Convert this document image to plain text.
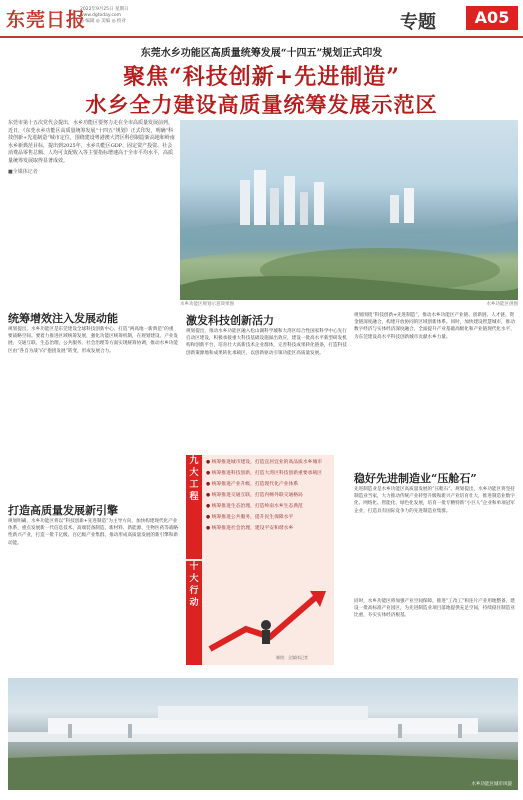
东莞日报
2022年9月25日 星期日
www.dgtoday.com
◎ 编辑 ◎ 美编 ◎ 校对	专题	A05
东莞水乡功能区高质量统筹发展“十四五”规划正式印发
聚焦“科技创新+先进制造”
水乡全力建设高质量统筹发展示范区
东莞市第十五次党代会提出，水乡功能区要努力走在全市高质量发展前列。近日，《东莞水乡功能区高质量统筹发展“十四五”规划》正式印发，明确“科技创新+先进制造”城市定位，围绕建设粤港澳大湾区科创制造新高地和岭南水乡新典范目标，提出到2025年，水乡功能区GDP、固定资产投资、社会消费品零售总额、人均可支配收入等主要指标增速高于全市平均水平，高质量统筹发展取得显著成效。
■全媒体记者
水乡功能区规划示意效果图	水乡功能区供图
统筹增效注入发展动能
规划提出，水乡功能区是东莞建设全球科技创新中心、打造“两高地一新典范”的重要战略空间。要着力推进区域统筹发展，强化功能区统筹机制，在规划建设、产业发展、交通互联、生态治理、公共服务、社会治理等方面实现统筹协调，推动水乡功能区由“各自为战”向“抱团发展”转变，形成发展合力。
打造高质量发展新引擎
规划明确，水乡功能区将以“科技创新+先进制造”为主导方向，加快构建现代化产业体系，重点发展新一代信息技术、高端装备制造、新材料、新能源、生物医药等战略性新兴产业，打造一批千亿级、百亿级产业集群，推动形成高质量发展的新引擎和新动能。
激发科技创新活力
规划提出，推动水乡功能区融入松山湖科学城和大湾区综合性国家科学中心先行启动区建设，积极承接重大科技基础设施溢出效应，建设一批高水平新型研发机构和创新平台，培育壮大高新技术企业群体，完善科技成果转化链条，打造科技创新策源地和成果转化承载区，以创新驱动引领功能区高质量发展。
规划围绕“科技创新+先进制造”，推动水乡功能区产业链、创新链、人才链、资金链深度融合，构建开放协同的区域创新体系。同时，加快建设智慧城市，推动数字经济与实体经济深度融合，全面提升产业基础高级化和产业链现代化水平，为东莞建设高水平科技创新城市贡献水乡力量。
九大工程
十大行动
● 统筹推进城市建设，打造宜居宜业的高品质水乡城市
● 统筹推进科技创新，打造大湾区科技创新重要承载区
● 统筹推进产业升级，打造现代化产业体系
● 统筹推进交通互联，打造内畅外联交通格局
● 统筹推进生态治理，打造岭南水乡生态典范
● 统筹推进公共服务，提升民生保障水平
● 统筹推进社会治理，建设平安和谐水乡
制图：全媒体记者
稳好先进制造业“压舱石”
先进制造业是水乡功能区高质量发展的“压舱石”。规划提出，水乡功能区将坚持制造业当家，大力推动传统产业转型升级和新兴产业培育壮大，推进制造业数字化、网络化、智能化、绿色化发展，培育一批专精特新“小巨人”企业和单项冠军企业，打造具有国际竞争力的先进制造业集群。
同时，水乡功能区将加强产业空间保障，推进“工改工”和连片产业用地整备，建设一批高标准产业园区，为先进制造业项目落地提供充足空间，持续稳住制造业比重，夯实实体经济根基。
水乡功能区城市风貌
